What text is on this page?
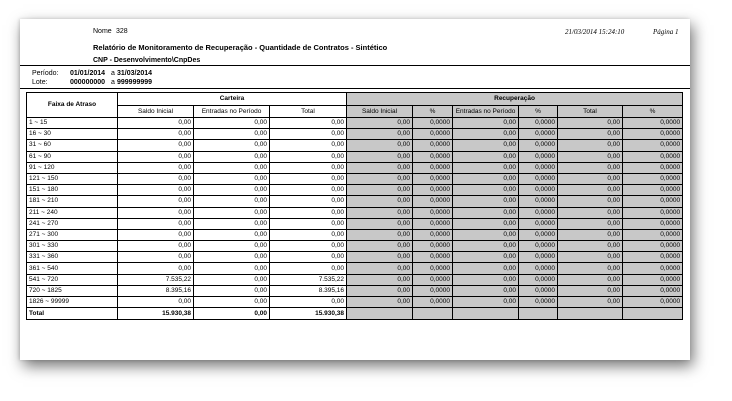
Nome 328	21/03/2014 15:24:10	Página 1
Relatório de Monitoramento de Recuperação - Quantidade de Contratos - Sintético
CNP - Desenvolvimento\CnpDes
Período: 01/01/2014 a 31/03/2014
Lote:	000000000 a 999999999
Faixa de Atraso	Carteira			Recuperação					
	Saldo Inicial	Entradas no Período	Total	Saldo Inicial	%	Entradas no Período	%	Total	%
1 ~ 15	0,00	0,00	0,00	0,00	0,0000	0,00	0,0000	0,00	0,0000
16 ~ 30	0,00	0,00	0,00	0,00	0,0000	0,00	0,0000	0,00	0,0000
31 ~ 60	0,00	0,00	0,00	0,00	0,0000	0,00	0,0000	0,00	0,0000
61 ~ 90	0,00	0,00	0,00	0,00	0,0000	0,00	0,0000	0,00	0,0000
91 ~ 120	0,00	0,00	0,00	0,00	0,0000	0,00	0,0000	0,00	0,0000
121 ~ 150	0,00	0,00	0,00	0,00	0,0000	0,00	0,0000	0,00	0,0000
151 ~ 180	0,00	0,00	0,00	0,00	0,0000	0,00	0,0000	0,00	0,0000
181 ~ 210	0,00	0,00	0,00	0,00	0,0000	0,00	0,0000	0,00	0,0000
211 ~ 240	0,00	0,00	0,00	0,00	0,0000	0,00	0,0000	0,00	0,0000
241 ~ 270	0,00	0,00	0,00	0,00	0,0000	0,00	0,0000	0,00	0,0000
271 ~ 300	0,00	0,00	0,00	0,00	0,0000	0,00	0,0000	0,00	0,0000
301 ~ 330	0,00	0,00	0,00	0,00	0,0000	0,00	0,0000	0,00	0,0000
331 ~ 360	0,00	0,00	0,00	0,00	0,0000	0,00	0,0000	0,00	0,0000
361 ~ 540	0,00	0,00	0,00	0,00	0,0000	0,00	0,0000	0,00	0,0000
541 ~ 720	7.535,22	0,00	7.535,22	0,00	0,0000	0,00	0,0000	0,00	0,0000
720 ~ 1825	8.395,16	0,00	8.395,16	0,00	0,0000	0,00	0,0000	0,00	0,0000
1826 ~ 99999	0,00	0,00	0,00	0,00	0,0000	0,00	0,0000	0,00	0,0000
Total	15.930,38	0,00	15.930,38						
